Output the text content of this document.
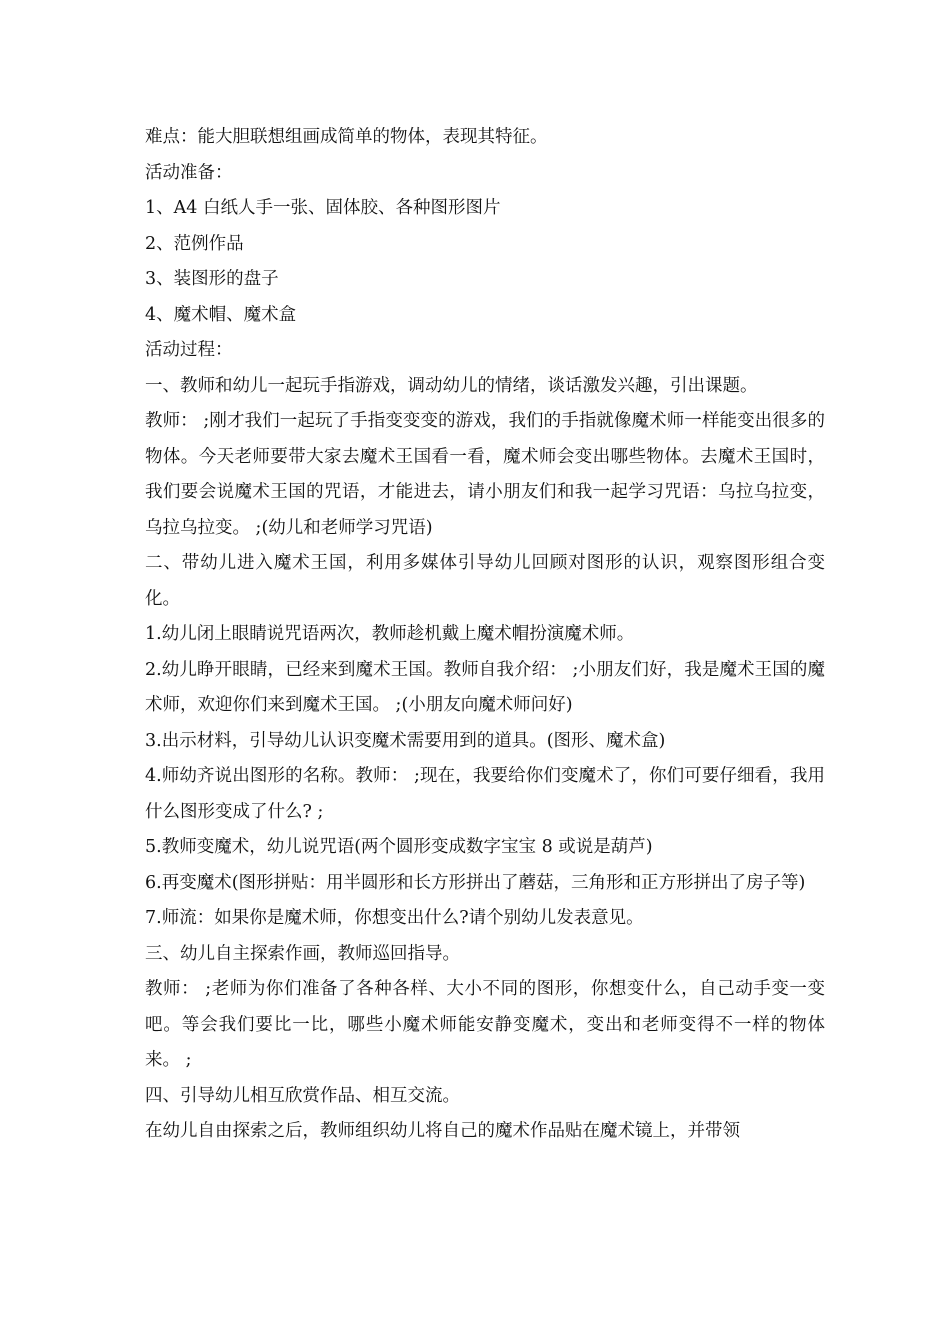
难点：能大胆联想组画成简单的物体，表现其特征。

活动准备：

1、A4 白纸人手一张、固体胶、各种图形图片

2、范例作品

3、装图形的盘子

4、魔术帽、魔术盒

活动过程：

一、教师和幼儿一起玩手指游戏，调动幼儿的情绪，谈话激发兴趣，引出课题。

教师： ;刚才我们一起玩了手指变变变的游戏，我们的手指就像魔术师一样能变出很多的物体。今天老师要带大家去魔术王国看一看，魔术师会变出哪些物体。去魔术王国时，我们要会说魔术王国的咒语，才能进去，请小朋友们和我一起学习咒语：乌拉乌拉变，乌拉乌拉变。 ;(幼儿和老师学习咒语)

二、带幼儿进入魔术王国，利用多媒体引导幼儿回顾对图形的认识，观察图形组合变化。

1.幼儿闭上眼睛说咒语两次，教师趁机戴上魔术帽扮演魔术师。

2.幼儿睁开眼睛，已经来到魔术王国。教师自我介绍： ;小朋友们好，我是魔术王国的魔术师，欢迎你们来到魔术王国。 ;(小朋友向魔术师问好)

3.出示材料，引导幼儿认识变魔术需要用到的道具。(图形、魔术盒)

4.师幼齐说出图形的名称。教师： ;现在，我要给你们变魔术了，你们可要仔细看，我用什么图形变成了什么? ;

5.教师变魔术，幼儿说咒语(两个圆形变成数字宝宝 8 或说是葫芦)

6.再变魔术(图形拼贴：用半圆形和长方形拼出了蘑菇，三角形和正方形拼出了房子等)

7.师流：如果你是魔术师，你想变出什么?请个别幼儿发表意见。

三、幼儿自主探索作画，教师巡回指导。

教师： ;老师为你们准备了各种各样、大小不同的图形，你想变什么，自己动手变一变吧。等会我们要比一比，哪些小魔术师能安静变魔术，变出和老师变得不一样的物体来。 ;

四、引导幼儿相互欣赏作品、相互交流。

在幼儿自由探索之后，教师组织幼儿将自己的魔术作品贴在魔术镜上，并带领
